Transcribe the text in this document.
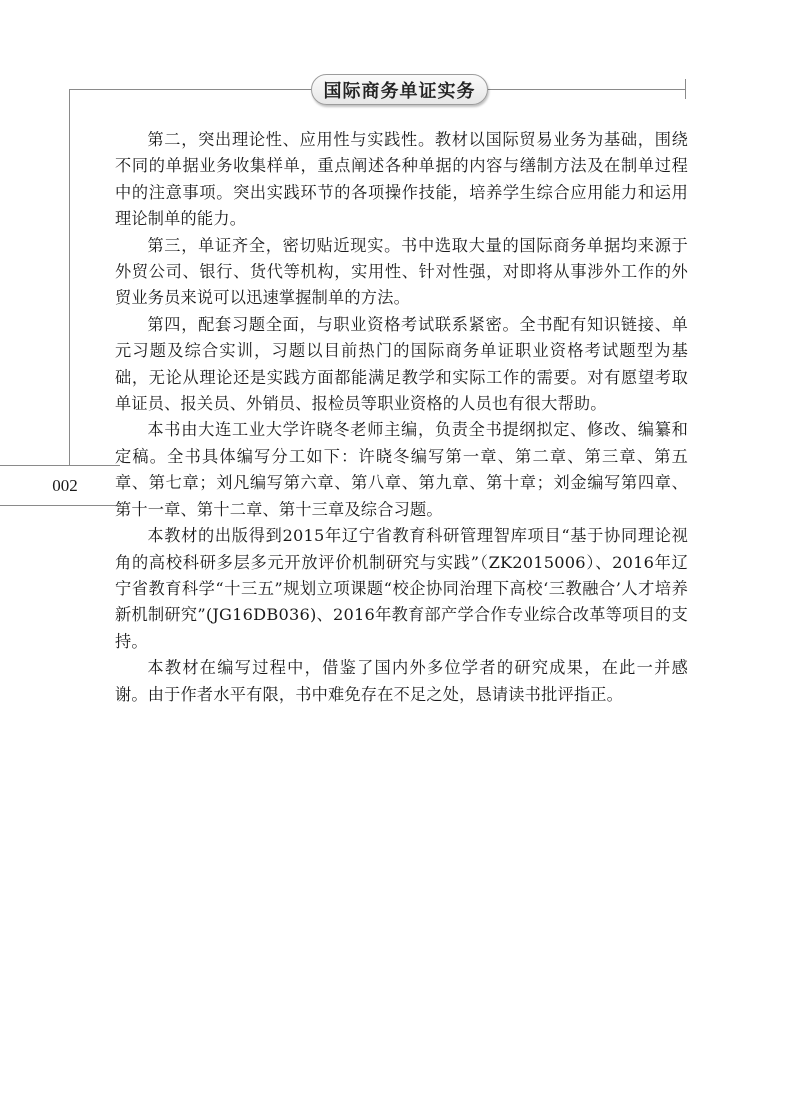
国际商务单证实务
002

第二，突出理论性、应用性与实践性。教材以国际贸易业务为基础，围绕不同的单据业务收集样单，重点阐述各种单据的内容与缮制方法及在制单过程中的注意事项。突出实践环节的各项操作技能，培养学生综合应用能力和运用理论制单的能力。

第三，单证齐全，密切贴近现实。书中选取大量的国际商务单据均来源于外贸公司、银行、货代等机构，实用性、针对性强，对即将从事涉外工作的外贸业务员来说可以迅速掌握制单的方法。

第四，配套习题全面，与职业资格考试联系紧密。全书配有知识链接、单元习题及综合实训，习题以目前热门的国际商务单证职业资格考试题型为基础，无论从理论还是实践方面都能满足教学和实际工作的需要。对有愿望考取单证员、报关员、外销员、报检员等职业资格的人员也有很大帮助。

本书由大连工业大学许晓冬老师主编，负责全书提纲拟定、修改、编纂和定稿。全书具体编写分工如下：许晓冬编写第一章、第二章、第三章、第五章、第七章；刘凡编写第六章、第八章、第九章、第十章；刘金编写第四章、第十一章、第十二章、第十三章及综合习题。

本教材的出版得到2015年辽宁省教育科研管理智库项目“基于协同理论视角的高校科研多层多元开放评价机制研究与实践”（ZK2015006）、2016年辽宁省教育科学“十三五”规划立项课题“校企协同治理下高校‘三教融合’人才培养新机制研究”(JG16DB036)、2016年教育部产学合作专业综合改革等项目的支持。

本教材在编写过程中，借鉴了国内外多位学者的研究成果，在此一并感谢。由于作者水平有限，书中难免存在不足之处，恳请读书批评指正。
